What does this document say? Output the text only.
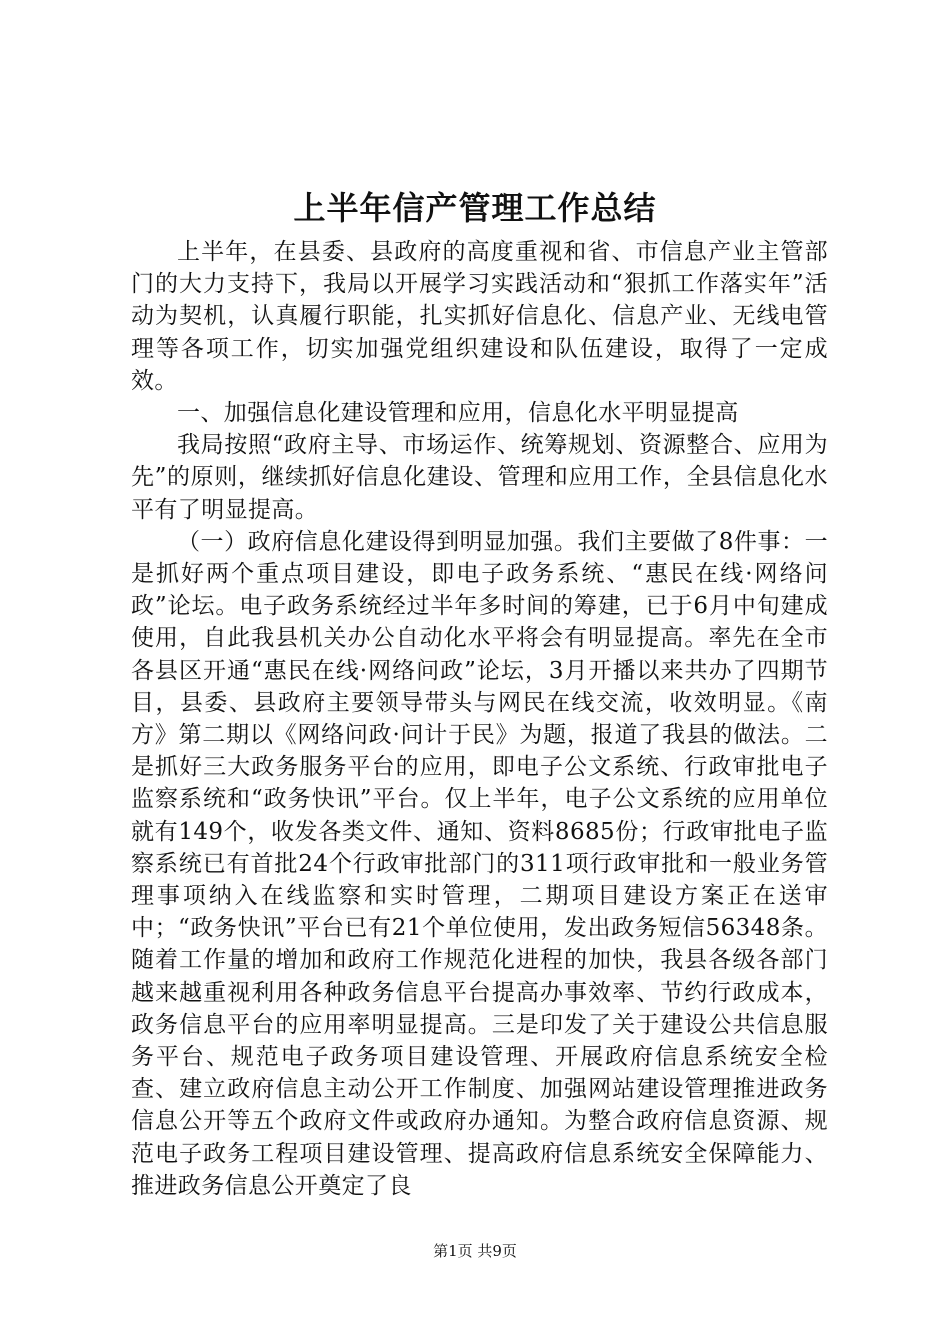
上半年信产管理工作总结

上半年，在县委、县政府的高度重视和省、市信息产业主管部门的大力支持下，我局以开展学习实践活动和“狠抓工作落实年”活动为契机，认真履行职能，扎实抓好信息化、信息产业、无线电管理等各项工作，切实加强党组织建设和队伍建设，取得了一定成效。

一、加强信息化建设管理和应用，信息化水平明显提高

我局按照“政府主导、市场运作、统筹规划、资源整合、应用为先”的原则，继续抓好信息化建设、管理和应用工作，全县信息化水平有了明显提高。

（一）政府信息化建设得到明显加强。我们主要做了8件事：一是抓好两个重点项目建设，即电子政务系统、“惠民在线·网络问政”论坛。电子政务系统经过半年多时间的筹建，已于6月中旬建成使用，自此我县机关办公自动化水平将会有明显提高。率先在全市各县区开通“惠民在线·网络问政”论坛，3月开播以来共办了四期节目，县委、县政府主要领导带头与网民在线交流，收效明显。《南方》第二期以《网络问政·问计于民》为题，报道了我县的做法。二是抓好三大政务服务平台的应用，即电子公文系统、行政审批电子监察系统和“政务快讯”平台。仅上半年，电子公文系统的应用单位就有149个，收发各类文件、通知、资料8685份；行政审批电子监察系统已有首批24个行政审批部门的311项行政审批和一般业务管理事项纳入在线监察和实时管理，二期项目建设方案正在送审中；“政务快讯”平台已有21个单位使用，发出政务短信56348条。随着工作量的增加和政府工作规范化进程的加快，我县各级各部门越来越重视利用各种政务信息平台提高办事效率、节约行政成本，政务信息平台的应用率明显提高。三是印发了关于建设公共信息服务平台、规范电子政务项目建设管理、开展政府信息系统安全检查、建立政府信息主动公开工作制度、加强网站建设管理推进政务信息公开等五个政府文件或政府办通知。为整合政府信息资源、规范电子政务工程项目建设管理、提高政府信息系统安全保障能力、推进政务信息公开奠定了良

第1页 共9页
